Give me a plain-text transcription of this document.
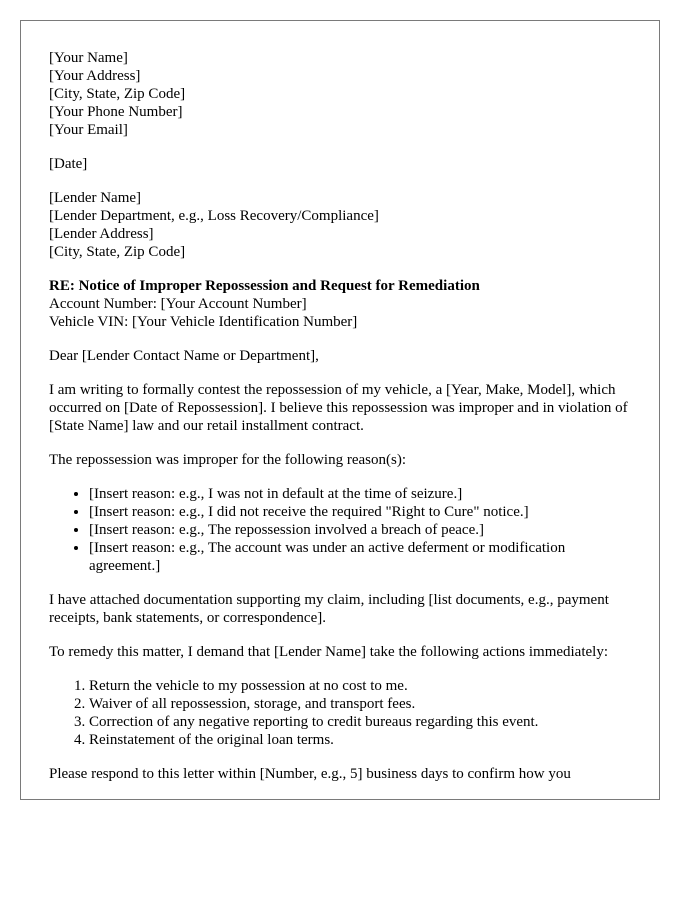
[Your Name]
[Your Address]
[City, State, Zip Code]
[Your Phone Number]
[Your Email]
[Date]
[Lender Name]
[Lender Department, e.g., Loss Recovery/Compliance]
[Lender Address]
[City, State, Zip Code]
RE: Notice of Improper Repossession and Request for Remediation
Account Number: [Your Account Number]
Vehicle VIN: [Your Vehicle Identification Number]

Dear [Lender Contact Name or Department],

I am writing to formally contest the repossession of my vehicle, a [Year, Make, Model], which occurred on [Date of Repossession]. I believe this repossession was improper and in violation of [State Name] law and our retail installment contract.

The repossession was improper for the following reason(s):

• [Insert reason: e.g., I was not in default at the time of seizure.]
• [Insert reason: e.g., I did not receive the required "Right to Cure" notice.]
• [Insert reason: e.g., The repossession involved a breach of peace.]
• [Insert reason: e.g., The account was under an active deferment or modification agreement.]

I have attached documentation supporting my claim, including [list documents, e.g., payment receipts, bank statements, or correspondence].

To remedy this matter, I demand that [Lender Name] take the following actions immediately:

1. Return the vehicle to my possession at no cost to me.
2. Waiver of all repossession, storage, and transport fees.
3. Correction of any negative reporting to credit bureaus regarding this event.
4. Reinstatement of the original loan terms.

Please respond to this letter within [Number, e.g., 5] business days to confirm how you
